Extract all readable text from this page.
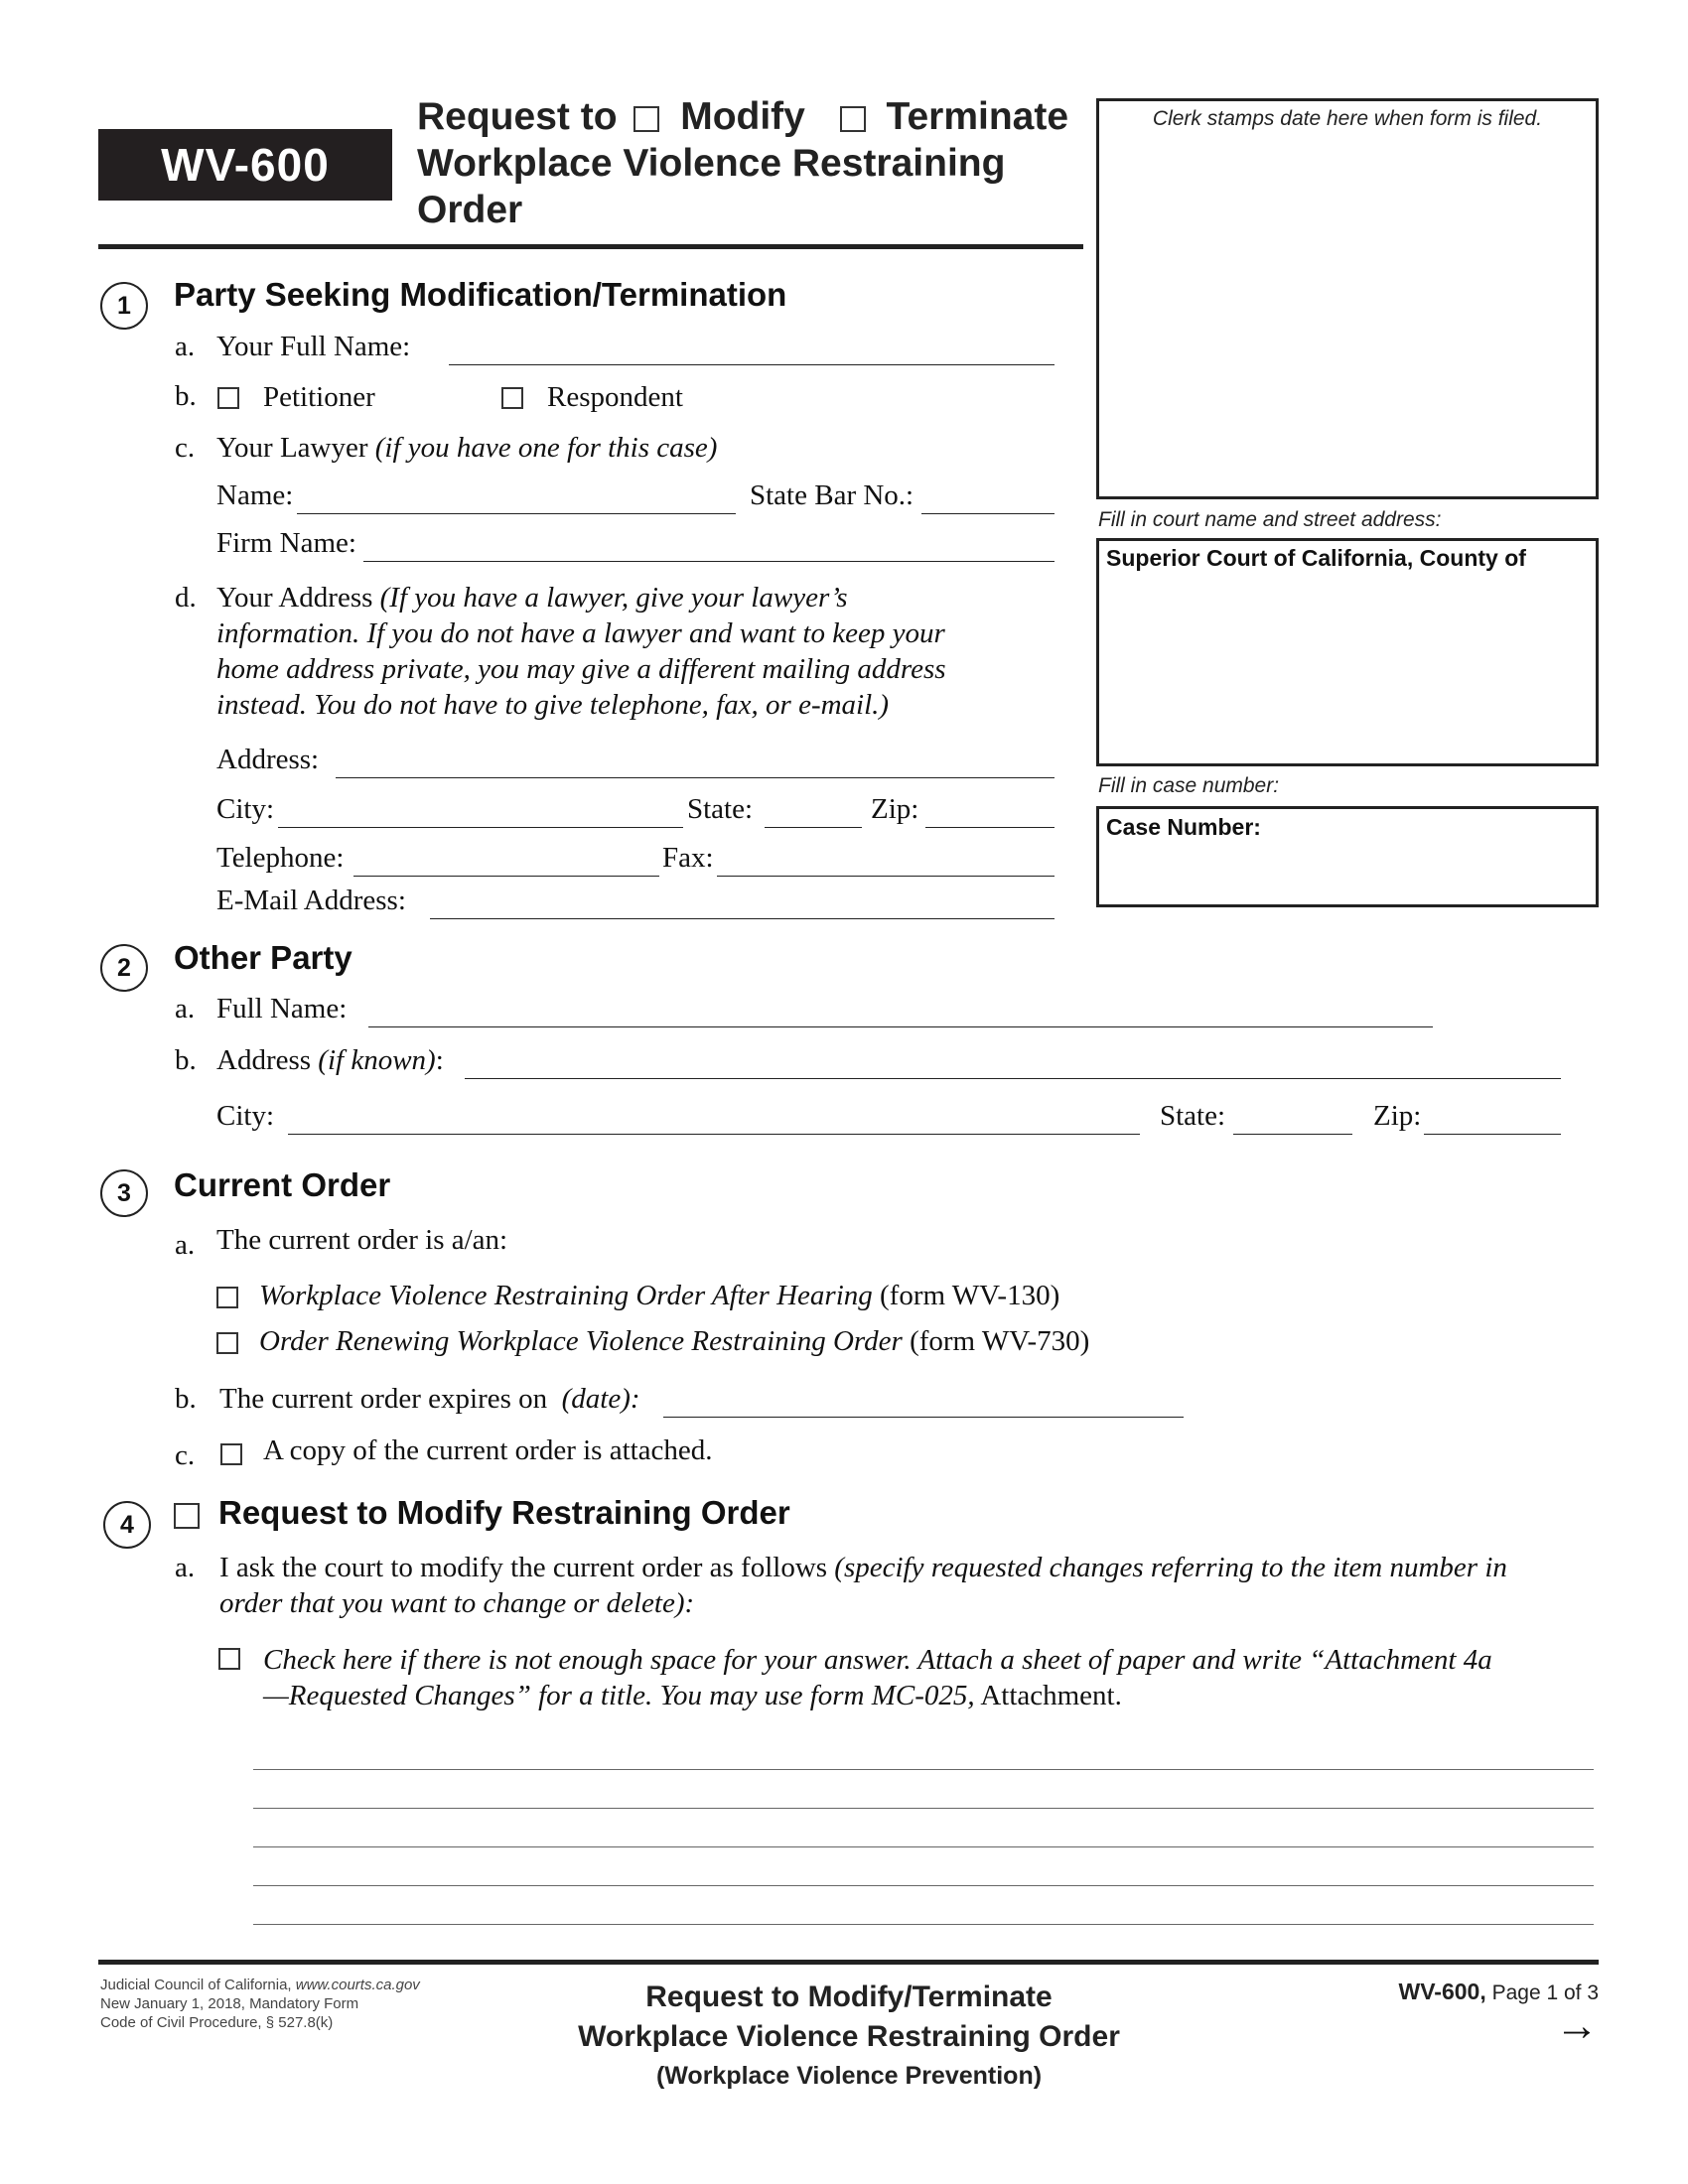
WV-600
Request to Modify Terminate
Workplace Violence Restraining
Order
Clerk stamps date here when form is filed.
Fill in court name and street address:
Superior Court of California, County of
Fill in case number:
Case Number:
1	Party Seeking Modification/Termination
a. Your Full Name:
b. Petitioner	Respondent
c. Your Lawyer (if you have one for this case)
Name:	State Bar No.:
Firm Name:
d. Your Address (If you have a lawyer, give your lawyer’s
information. If you do not have a lawyer and want to keep your
home address private, you may give a different mailing address
instead. You do not have to give telephone, fax, or e-mail.)
Address:
City:	State:	Zip:
Telephone:	Fax:
E-Mail Address:
2	Other Party
a. Full Name:
b. Address (if known):
City:	State:	Zip:
3	Current Order
a. The current order is a/an:
Workplace Violence Restraining Order After Hearing (form WV-130)
Order Renewing Workplace Violence Restraining Order (form WV-730)
b. The current order expires on (date):
c. A copy of the current order is attached.
4	Request to Modify Restraining Order
a. I ask the court to modify the current order as follows (specify requested changes referring to the item number in
order that you want to change or delete):
Check here if there is not enough space for your answer. Attach a sheet of paper and write “Attachment 4a
—Requested Changes” for a title. You may use form MC-025, Attachment.
Judicial Council of California, www.courts.ca.gov
New January 1, 2018, Mandatory Form
Code of Civil Procedure, § 527.8(k)
Request to Modify/Terminate
Workplace Violence Restraining Order
(Workplace Violence Prevention)
WV-600, Page 1 of 3
→
